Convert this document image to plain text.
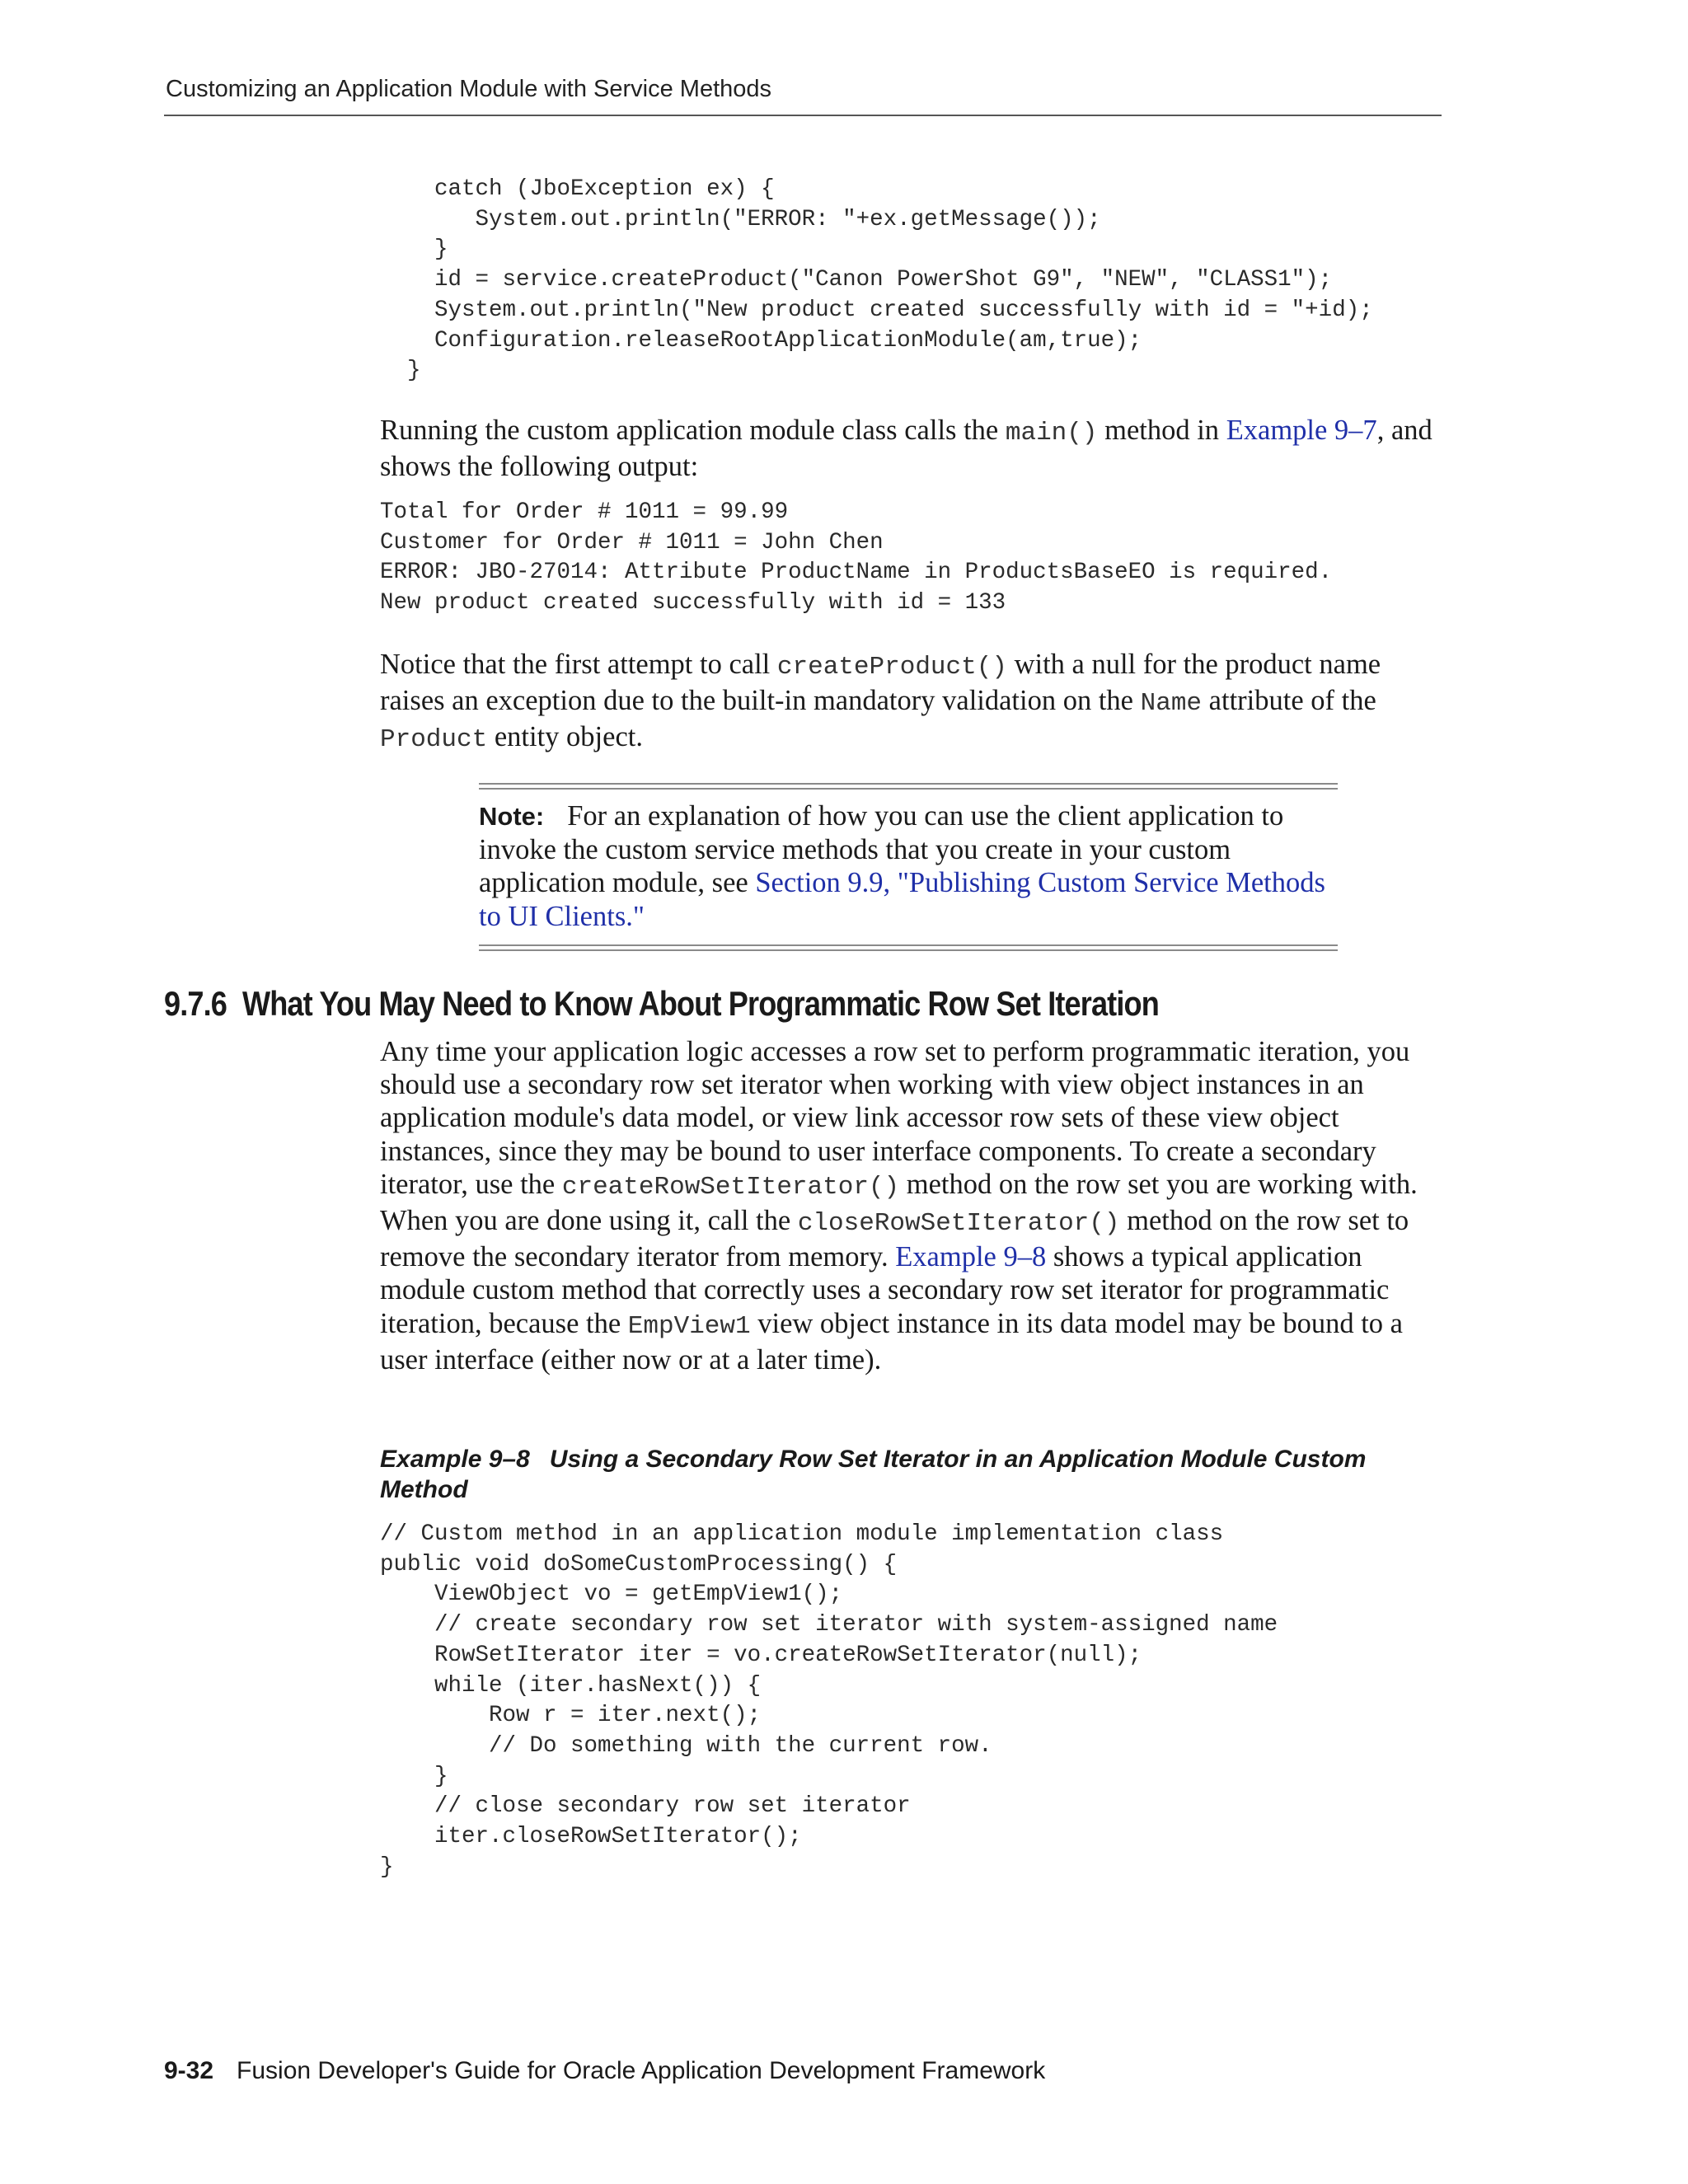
Customizing an Application Module with Service Methods
catch (JboException ex) {
System.out.println("ERROR: "+ex.getMessage());
}
id = service.createProduct("Canon PowerShot G9", "NEW", "CLASS1");
System.out.println("New product created successfully with id = "+id);
Configuration.releaseRootApplicationModule(am,true);
}

Running the custom application module class calls the main() method in Example 9–7, and shows the following output:

Total for Order # 1011 = 99.99
Customer for Order # 1011 = John Chen
ERROR: JBO-27014: Attribute ProductName in ProductsBaseEO is required.
New product created successfully with id = 133

Notice that the first attempt to call createProduct() with a null for the product name raises an exception due to the built-in mandatory validation on the Name attribute of the Product entity object.

Note: For an explanation of how you can use the client application to invoke the custom service methods that you create in your custom application module, see Section 9.9, "Publishing Custom Service Methods to UI Clients."

9.7.6 What You May Need to Know About Programmatic Row Set Iteration

Any time your application logic accesses a row set to perform programmatic iteration, you should use a secondary row set iterator when working with view object instances in an application module's data model, or view link accessor row sets of these view object instances, since they may be bound to user interface components. To create a secondary iterator, use the createRowSetIterator() method on the row set you are working with. When you are done using it, call the closeRowSetIterator() method on the row set to remove the secondary iterator from memory. Example 9–8 shows a typical application module custom method that correctly uses a secondary row set iterator for programmatic iteration, because the EmpView1 view object instance in its data model may be bound to a user interface (either now or at a later time).

Example 9–8 Using a Secondary Row Set Iterator in an Application Module Custom Method

// Custom method in an application module implementation class
public void doSomeCustomProcessing() {
ViewObject vo = getEmpView1();
// create secondary row set iterator with system-assigned name
RowSetIterator iter = vo.createRowSetIterator(null);
while (iter.hasNext()) {
Row r = iter.next();
// Do something with the current row.
}
// close secondary row set iterator
iter.closeRowSetIterator();
}
9-32 Fusion Developer's Guide for Oracle Application Development Framework
